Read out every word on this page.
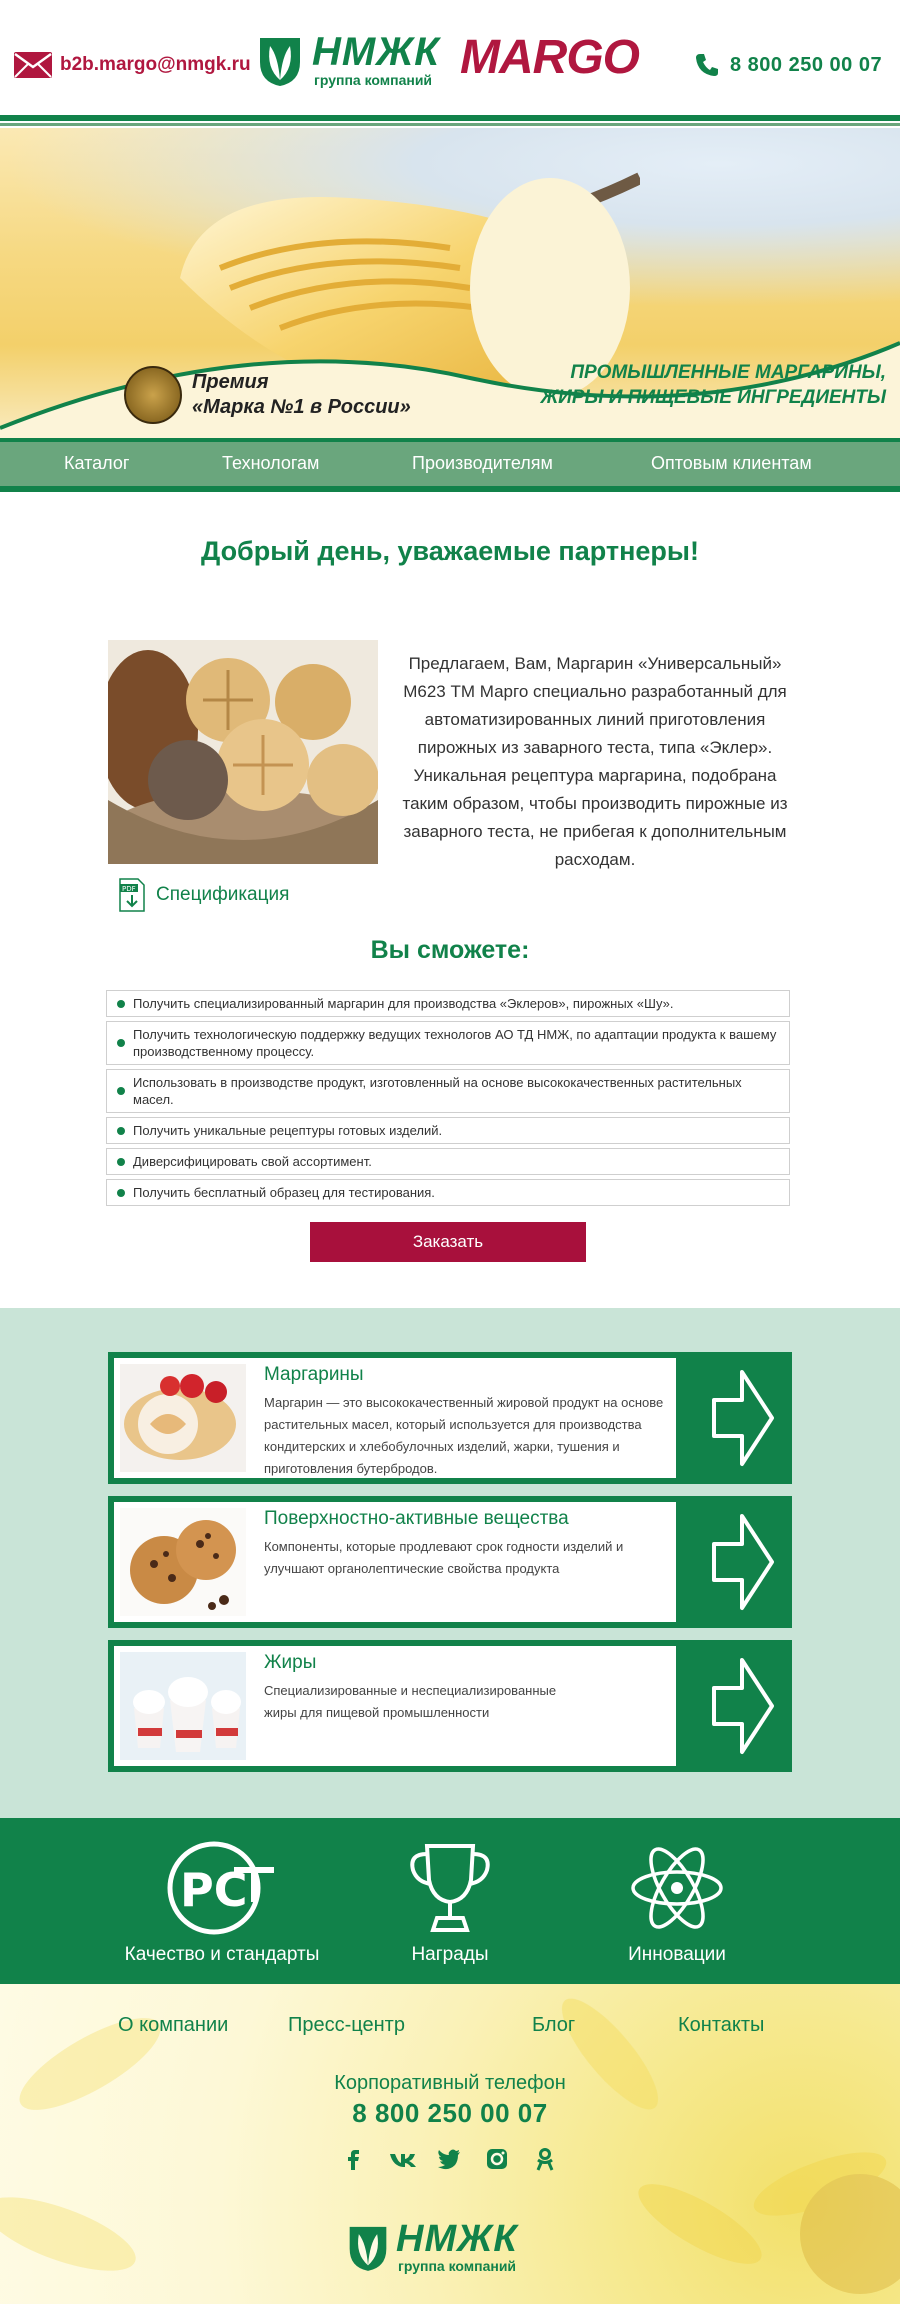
b2b.margo@nmgk.ru НМЖК
группа компаний MARGO	8 800 250 00 07
Премия
«Марка №1 в России»
ПРОМЫШЛЕННЫЕ МАРГАРИНЫ,
ЖИРЫ И ПИЩЕВЫЕ ИНГРЕДИЕНТЫ
Каталог	Технологам	Производителям	Оптовым клиентам
Добрый день, уважаемые партнеры!
Предлагаем, Вам, Маргарин «Универсальный» М623 ТМ Марго специально разработанный для автоматизированных линий приготовления пирожных из заварного теста, типа «Эклер». Уникальная рецептура маргарина, подобрана таким образом, чтобы производить пирожные из заварного теста, не прибегая к дополнительным расходам.
PDF Спецификация
Вы сможете:
Получить специализированный маргарин для производства «Эклеров», пирожных «Шу».
Получить технологическую поддержку ведущих технологов АО ТД НМЖ, по адаптации продукта к вашему производственному процессу.
Использовать в производстве продукт, изготовленный на основе высококачественных растительных масел.
Получить уникальные рецептуры готовых изделий.
Диверсифицировать свой ассортимент.
Получить бесплатный образец для тестирования.
Заказать
Маргарины
Маргарин — это высококачественный жировой продукт на основе растительных масел, который используется для производства кондитерских и хлебобулочных изделий, жарки, тушения и приготовления бутербродов.
Поверхностно-активные вещества
Компоненты, которые продлевают срок годности изделий и улучшают органолептические свойства продукта
Жиры
Специализированные и неспециализированные жиры для пищевой промышленности
РС
Качество и стандарты	Награды	Инновации
О компании	Пресс-центр	Блог	Контакты
Корпоративный телефон
8 800 250 00 07
НМЖК
группа компаний
